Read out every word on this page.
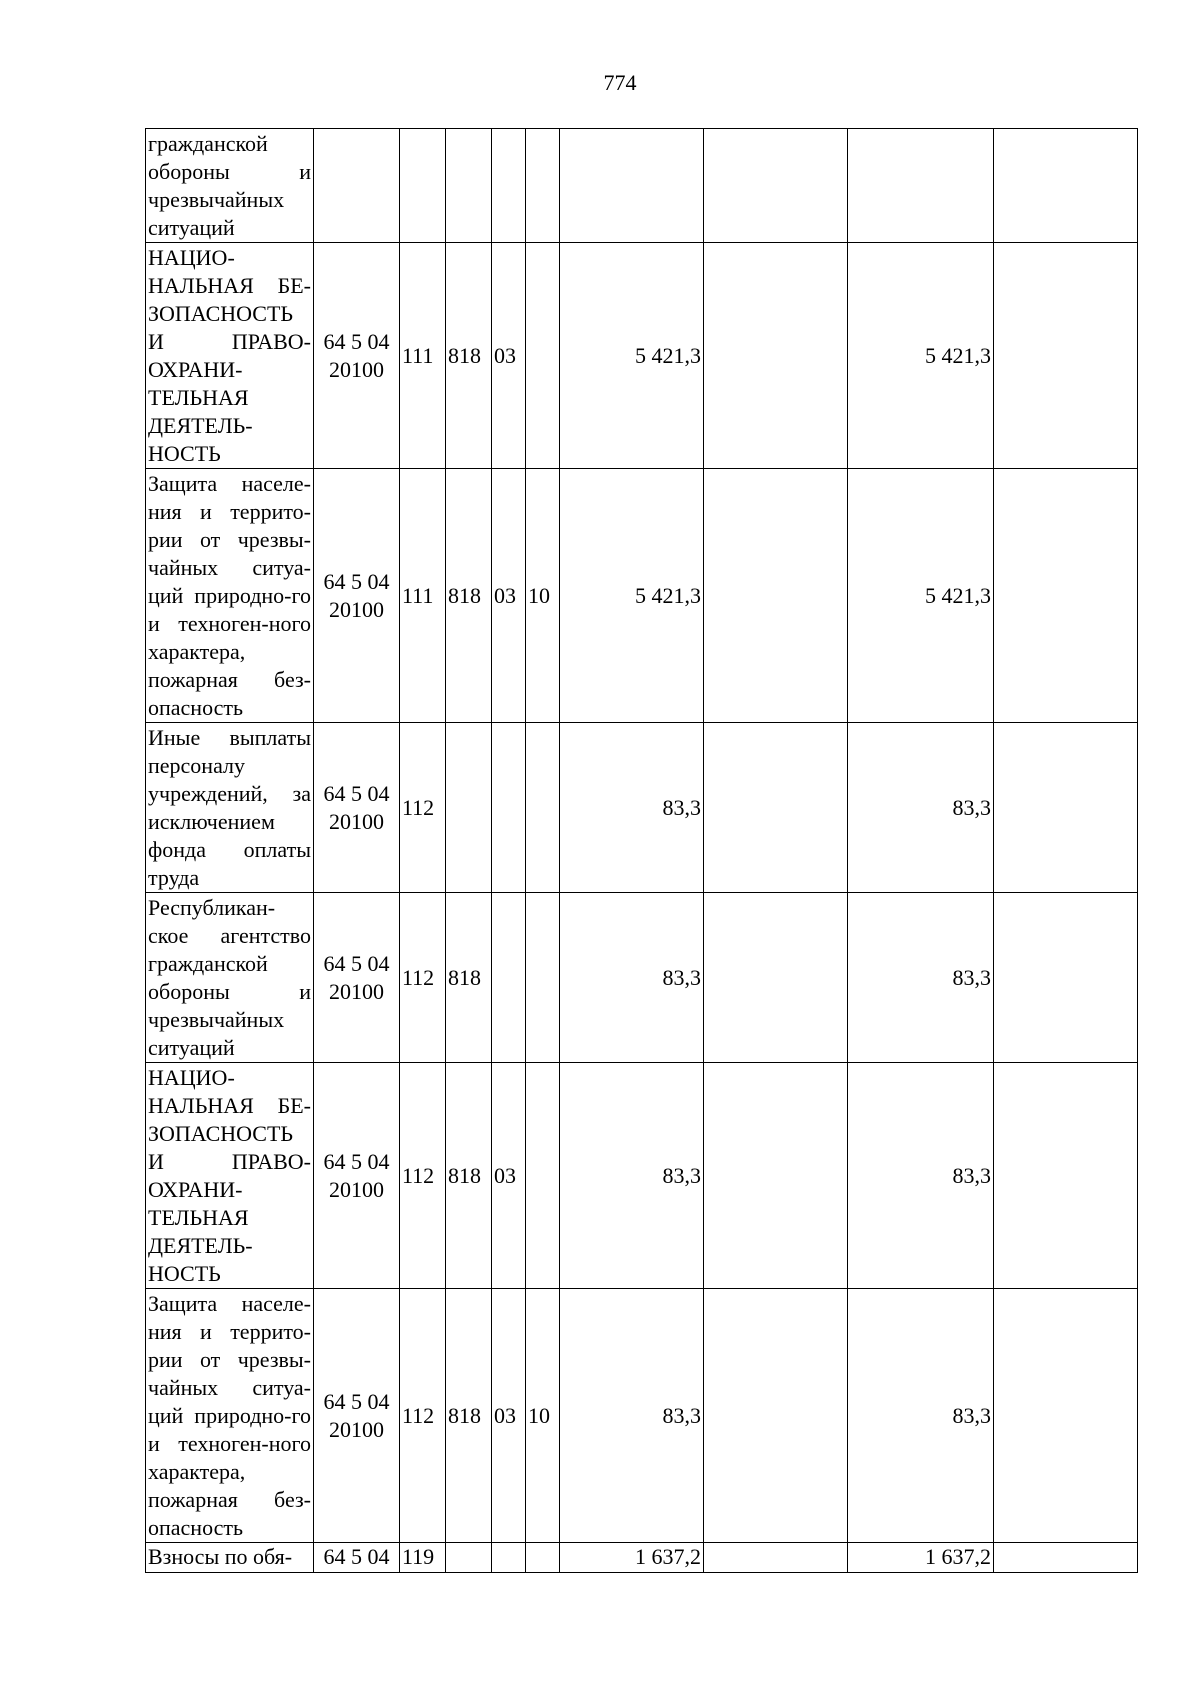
774
гражданской обороны и чрезвычайных ситуаций									
НАЦИО-НАЛЬНАЯ БЕ-ЗОПАСНОСТЬ И ПРАВО-ОХРАНИ-ТЕЛЬНАЯ ДЕЯТЕЛЬ-НОСТЬ	64 5 04 20100	111	818	03		5 421,3		5 421,3	
Защита населе-ния и террито-рии от чрезвы-чайных ситуа-ций природно-го и техноген-ного характера, пожарная без-опасность	64 5 04 20100	111	818	03	10	5 421,3		5 421,3	
Иные выплаты персоналу учреждений, за исключением фонда оплаты труда	64 5 04 20100	112				83,3		83,3	
Республикан-ское агентство гражданской обороны и чрезвычайных ситуаций	64 5 04 20100	112	818			83,3		83,3	
НАЦИО-НАЛЬНАЯ БЕ-ЗОПАСНОСТЬ И ПРАВО-ОХРАНИ-ТЕЛЬНАЯ ДЕЯТЕЛЬ-НОСТЬ	64 5 04 20100	112	818	03		83,3		83,3	
Защита населе-ния и террито-рии от чрезвы-чайных ситуа-ций природно-го и техноген-ного характера, пожарная без-опасность	64 5 04 20100	112	818	03	10	83,3		83,3	
Взносы по обя-	64 5 04	119				1 637,2		1 637,2	
